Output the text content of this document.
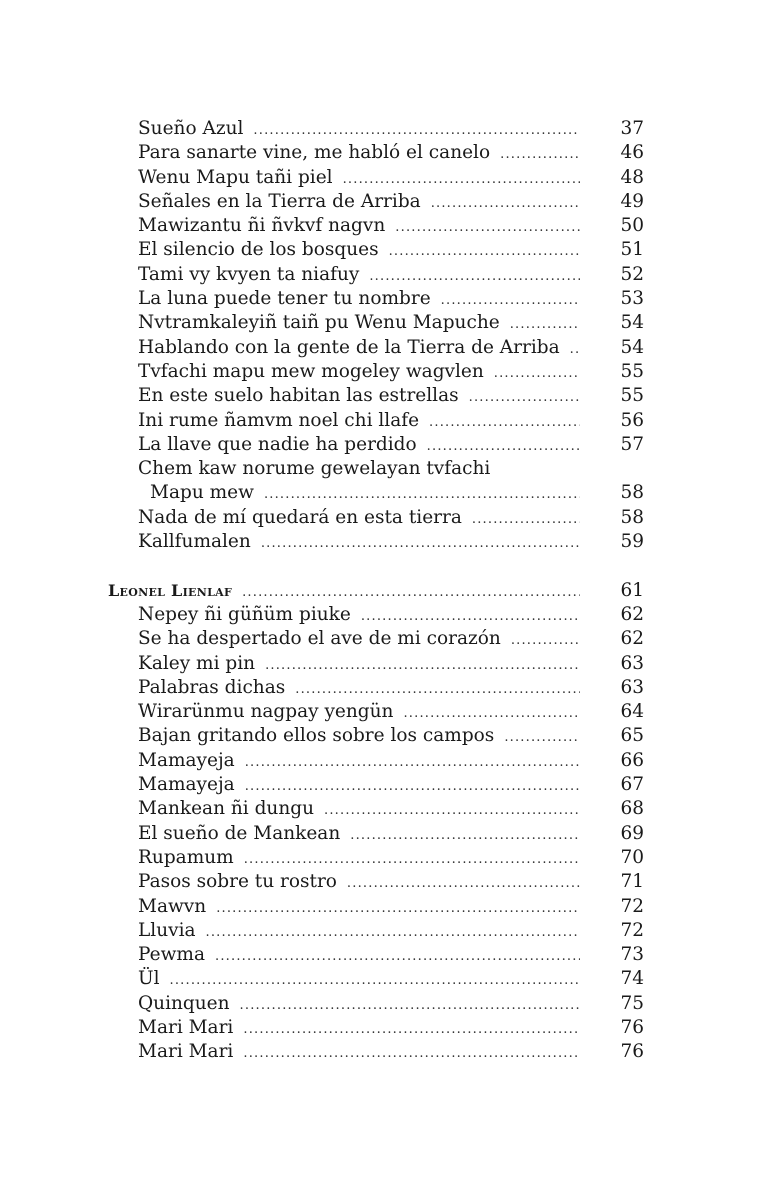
Sueño Azul .....	37
Para sanarte vine, me habló el canelo .....	46
Wenu Mapu tañi piel .....	48
Señales en la Tierra de Arriba .....	49
Mawizantu ñi ñvkvf nagvn .....	50
El silencio de los bosques .....	51
Tami vy kvyen ta niafuy .....	52
La luna puede tener tu nombre .....	53
Nvtramkaleyiñ taiñ pu Wenu Mapuche .....	54
Hablando con la gente de la Tierra de Arriba .....	54
Tvfachi mapu mew mogeley wagvlen .....	55
En este suelo habitan las estrellas .....	55
Ini rume ñamvm noel chi llafe .....	56
La llave que nadie ha perdido .....	57
Chem kaw norume gewelayan tvfachi
Mapu mew .....	58
Nada de mí quedará en esta tierra .....	58
Kallfumalen .....	59
Leonel Lienlaf .....	61
Nepey ñi güñüm piuke .....	62
Se ha despertado el ave de mi corazón .....	62
Kaley mi pin .....	63
Palabras dichas .....	63
Wirarünmu nagpay yengün .....	64
Bajan gritando ellos sobre los campos .....	65
Mamayeja .....	66
Mamayeja .....	67
Mankean ñi dungu .....	68
El sueño de Mankean .....	69
Rupamum .....	70
Pasos sobre tu rostro .....	71
Mawvn .....	72
Lluvia .....	72
Pewma .....	73
Ül .....	74
Quinquen .....	75
Mari Mari .....	76
Mari Mari .....	76
